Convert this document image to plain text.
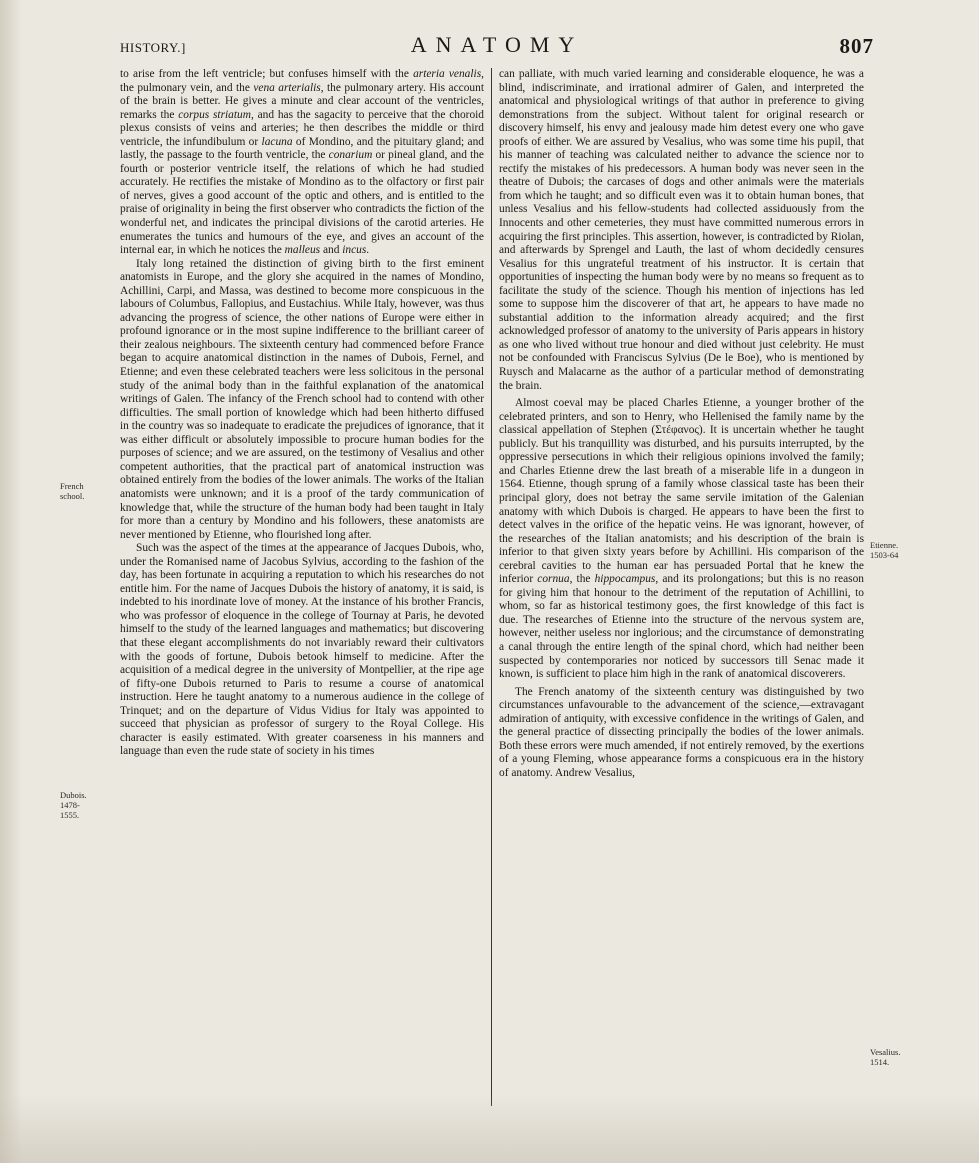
HISTORY.]	ANATOMY	807

to arise from the left ventricle; but confuses himself with the arteria venalis, the pulmonary vein, and the vena arterialis, the pulmonary artery. His account of the brain is better. He gives a minute and clear account of the ventricles, remarks the corpus striatum, and has the sagacity to perceive that the choroid plexus consists of veins and arteries; he then describes the middle or third ventricle, the infundibulum or lacuna of Mondino, and the pituitary gland; and lastly, the passage to the fourth ventricle, the conarium or pineal gland, and the fourth or posterior ventricle itself, the relations of which he had studied accurately. He rectifies the mistake of Mondino as to the olfactory or first pair of nerves, gives a good account of the optic and others, and is entitled to the praise of originality in being the first observer who contradicts the fiction of the wonderful net, and indicates the principal divisions of the carotid arteries. He enumerates the tunics and humours of the eye, and gives an account of the internal ear, in which he notices the malleus and incus.

Italy long retained the distinction of giving birth to the first eminent anatomists in Europe, and the glory she acquired in the names of Mondino, Achillini, Carpi, and Massa, was destined to become more conspicuous in the labours of Columbus, Fallopius, and Eustachius. While Italy, however, was thus advancing the progress of science, the other nations of Europe were either in profound ignorance or in the most supine indifference to the brilliant career of their zealous neighbours. The sixteenth century had commenced before France began to acquire anatomical distinction in the names of Dubois, Fernel, and Etienne; and even these celebrated teachers were less solicitous in the personal study of the animal body than in the faithful explanation of the anatomical writings of Galen. The infancy of the French school had to contend with other difficulties. The small portion of knowledge which had been hitherto diffused in the country was so inadequate to eradicate the prejudices of ignorance, that it was either difficult or absolutely impossible to procure human bodies for the purposes of science; and we are assured, on the testimony of Vesalius and other competent authorities, that the practical part of anatomical instruction was obtained entirely from the bodies of the lower animals. The works of the Italian anatomists were unknown; and it is a proof of the tardy communication of knowledge that, while the structure of the human body had been taught in Italy for more than a century by Mondino and his followers, these anatomists are never mentioned by Etienne, who flourished long after.

Such was the aspect of the times at the appearance of Jacques Dubois, who, under the Romanised name of Jacobus Sylvius, according to the fashion of the day, has been fortunate in acquiring a reputation to which his researches do not entitle him. For the name of Jacques Dubois the history of anatomy, it is said, is indebted to his inordinate love of money. At the instance of his brother Francis, who was professor of eloquence in the college of Tournay at Paris, he devoted himself to the study of the learned languages and mathematics; but discovering that these elegant accomplishments do not invariably reward their cultivators with the goods of fortune, Dubois betook himself to medicine. After the acquisition of a medical degree in the university of Montpellier, at the ripe age of fifty-one Dubois returned to Paris to resume a course of anatomical instruction. Here he taught anatomy to a numerous audience in the college of Trinquet; and on the departure of Vidus Vidius for Italy was appointed to succeed that physician as professor of surgery to the Royal College. His character is easily estimated. With greater coarseness in his manners and language than even the rude state of society in his times

can palliate, with much varied learning and considerable eloquence, he was a blind, indiscriminate, and irrational admirer of Galen, and interpreted the anatomical and physiological writings of that author in preference to giving demonstrations from the subject. Without talent for original research or discovery himself, his envy and jealousy made him detest every one who gave proofs of either. We are assured by Vesalius, who was some time his pupil, that his manner of teaching was calculated neither to advance the science nor to rectify the mistakes of his predecessors. A human body was never seen in the theatre of Dubois; the carcases of dogs and other animals were the materials from which he taught; and so difficult even was it to obtain human bones, that unless Vesalius and his fellow-students had collected assiduously from the Innocents and other cemeteries, they must have committed numerous errors in acquiring the first principles. This assertion, however, is contradicted by Riolan, and afterwards by Sprengel and Lauth, the last of whom decidedly censures Vesalius for this ungrateful treatment of his instructor. It is certain that opportunities of inspecting the human body were by no means so frequent as to facilitate the study of the science. Though his mention of injections has led some to suppose him the discoverer of that art, he appears to have made no substantial addition to the information already acquired; and the first acknowledged professor of anatomy to the university of Paris appears in history as one who lived without true honour and died without just celebrity. He must not be confounded with Franciscus Sylvius (De le Boe), who is mentioned by Ruysch and Malacarne as the author of a particular method of demonstrating the brain.

Almost coeval may be placed Charles Etienne, a younger brother of the celebrated printers, and son to Henry, who Hellenised the family name by the classical appellation of Stephen (Στέφανος). It is uncertain whether he taught publicly. But his tranquillity was disturbed, and his pursuits interrupted, by the oppressive persecutions in which their religious opinions involved the family; and Charles Etienne drew the last breath of a miserable life in a dungeon in 1564. Etienne, though sprung of a family whose classical taste has been their principal glory, does not betray the same servile imitation of the Galenian anatomy with which Dubois is charged. He appears to have been the first to detect valves in the orifice of the hepatic veins. He was ignorant, however, of the researches of the Italian anatomists; and his description of the brain is inferior to that given sixty years before by Achillini. His comparison of the cerebral cavities to the human ear has persuaded Portal that he knew the inferior cornua, the hippocampus, and its prolongations; but this is no reason for giving him that honour to the detriment of the reputation of Achillini, to whom, so far as historical testimony goes, the first knowledge of this fact is due. The researches of Etienne into the structure of the nervous system are, however, neither useless nor inglorious; and the circumstance of demonstrating a canal through the entire length of the spinal chord, which had neither been suspected by contemporaries nor noticed by successors till Senac made it known, is sufficient to place him high in the rank of anatomical discoverers.

The French anatomy of the sixteenth century was distinguished by two circumstances unfavourable to the advancement of the science,—extravagant admiration of antiquity, with excessive confidence in the writings of Galen, and the general practice of dissecting principally the bodies of the lower animals. Both these errors were much amended, if not entirely removed, by the exertions of a young Fleming, whose appearance forms a conspicuous era in the history of anatomy. Andrew Vesalius,

French
school.
Dubois.
1478-
1555.
Etienne.
1503-64
Vesalius.
1514.
